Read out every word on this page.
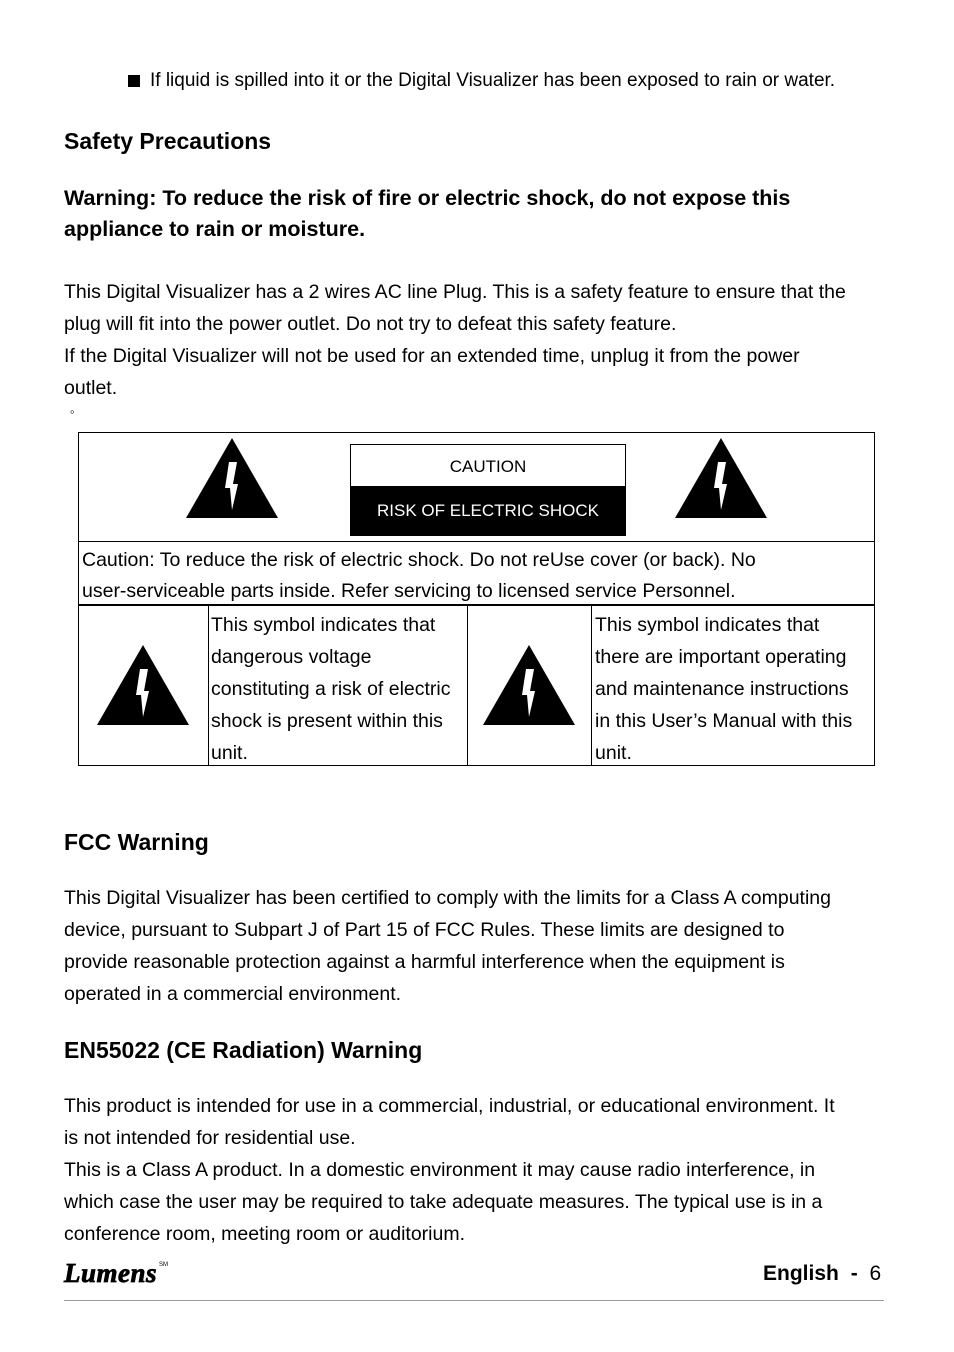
If liquid is spilled into it or the Digital Visualizer has been exposed to rain or water.
Safety Precautions
Warning: To reduce the risk of fire or electric shock, do not expose this
appliance to rain or moisture.
This Digital Visualizer has a 2 wires AC line Plug. This is a safety feature to ensure that the
plug will fit into the power outlet. Do not try to defeat this safety feature.
If the Digital Visualizer will not be used for an extended time, unplug it from the power
outlet.
◦
CAUTION
RISK OF ELECTRIC SHOCK
Caution: To reduce the risk of electric shock. Do not reUse cover (or back). No
user-serviceable parts inside. Refer servicing to licensed service Personnel.
This symbol indicates that
dangerous voltage
constituting a risk of electric
shock is present within this
unit.
This symbol indicates that
there are important operating
and maintenance instructions
in this User’s Manual with this
unit.
FCC Warning
This Digital Visualizer has been certified to comply with the limits for a Class A computing
device, pursuant to Subpart J of Part 15 of FCC Rules. These limits are designed to
provide reasonable protection against a harmful interference when the equipment is
operated in a commercial environment.
EN55022 (CE Radiation) Warning
This product is intended for use in a commercial, industrial, or educational environment. It
is not intended for residential use.
This is a Class A product. In a domestic environment it may cause radio interference, in
which case the user may be required to take adequate measures. The typical use is in a
conference room, meeting room or auditorium.
Lumens SM	English - 6
